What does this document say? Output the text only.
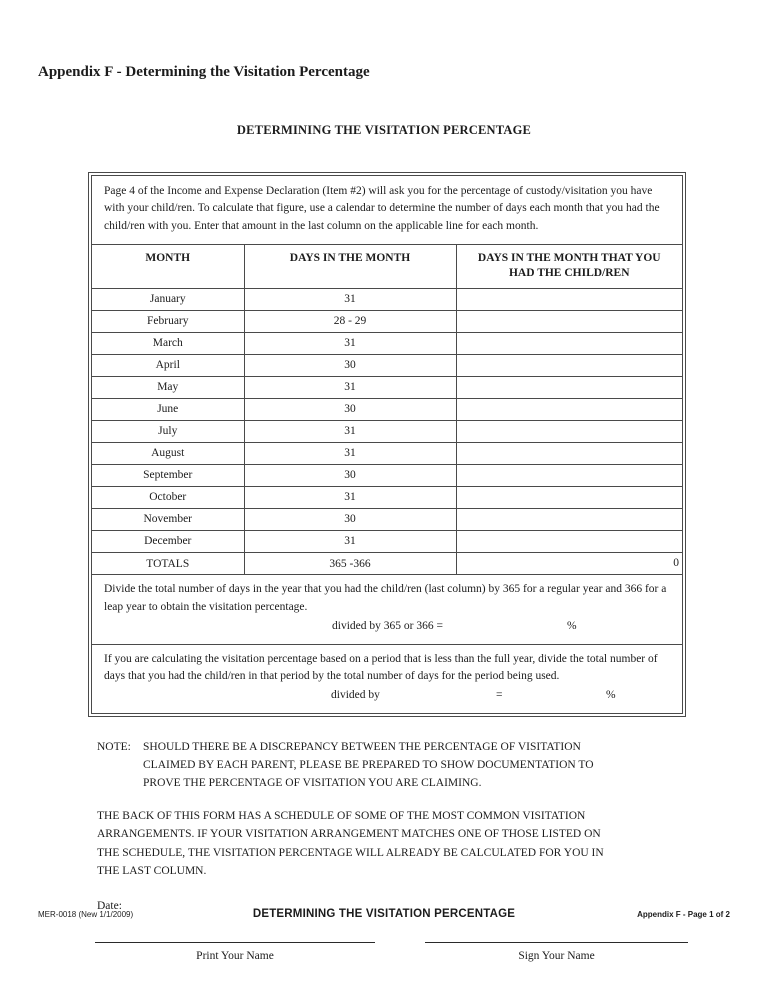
Appendix F - Determining the Visitation Percentage
DETERMINING THE VISITATION PERCENTAGE

Page 4 of the Income and Expense Declaration (Item #2) will ask you for the percentage of custody/visitation you have with your child/ren. To calculate that figure, use a calendar to determine the number of days each month that you had the child/ren with you. Enter that amount in the last column on the applicable line for each month.

MONTH	DAYS IN THE MONTH	DAYS IN THE MONTH THAT YOU HAD THE CHILD/REN
January	31	
February	28 - 29	
March	31	
April	30	
May	31	
June	30	
July	31	
August	31	
September	30	
October	31	
November	30	
December	31	
TOTALS	365 -366	0

Divide the total number of days in the year that you had the child/ren (last column) by 365 for a regular year and 366 for a leap year to obtain the visitation percentage.

divided by 365 or 366 =	%

If you are calculating the visitation percentage based on a period that is less than the full year, divide the total number of days that you had the child/ren in that period by the total number of days for the period being used.

divided by	=	%
NOTE:	SHOULD THERE BE A DISCREPANCY BETWEEN THE PERCENTAGE OF VISITATION CLAIMED BY EACH PARENT, PLEASE BE PREPARED TO SHOW DOCUMENTATION TO PROVE THE PERCENTAGE OF VISITATION YOU ARE CLAIMING.

THE BACK OF THIS FORM HAS A SCHEDULE OF SOME OF THE MOST COMMON VISITATION ARRANGEMENTS. IF YOUR VISITATION ARRANGEMENT MATCHES ONE OF THOSE LISTED ON THE SCHEDULE, THE VISITATION PERCENTAGE WILL ALREADY BE CALCULATED FOR YOU IN THE LAST COLUMN.

Date:
Print Your Name	Sign Your Name
MER-0018 (New 1/1/2009)	DETERMINING THE VISITATION PERCENTAGE	Appendix F - Page 1 of 2
